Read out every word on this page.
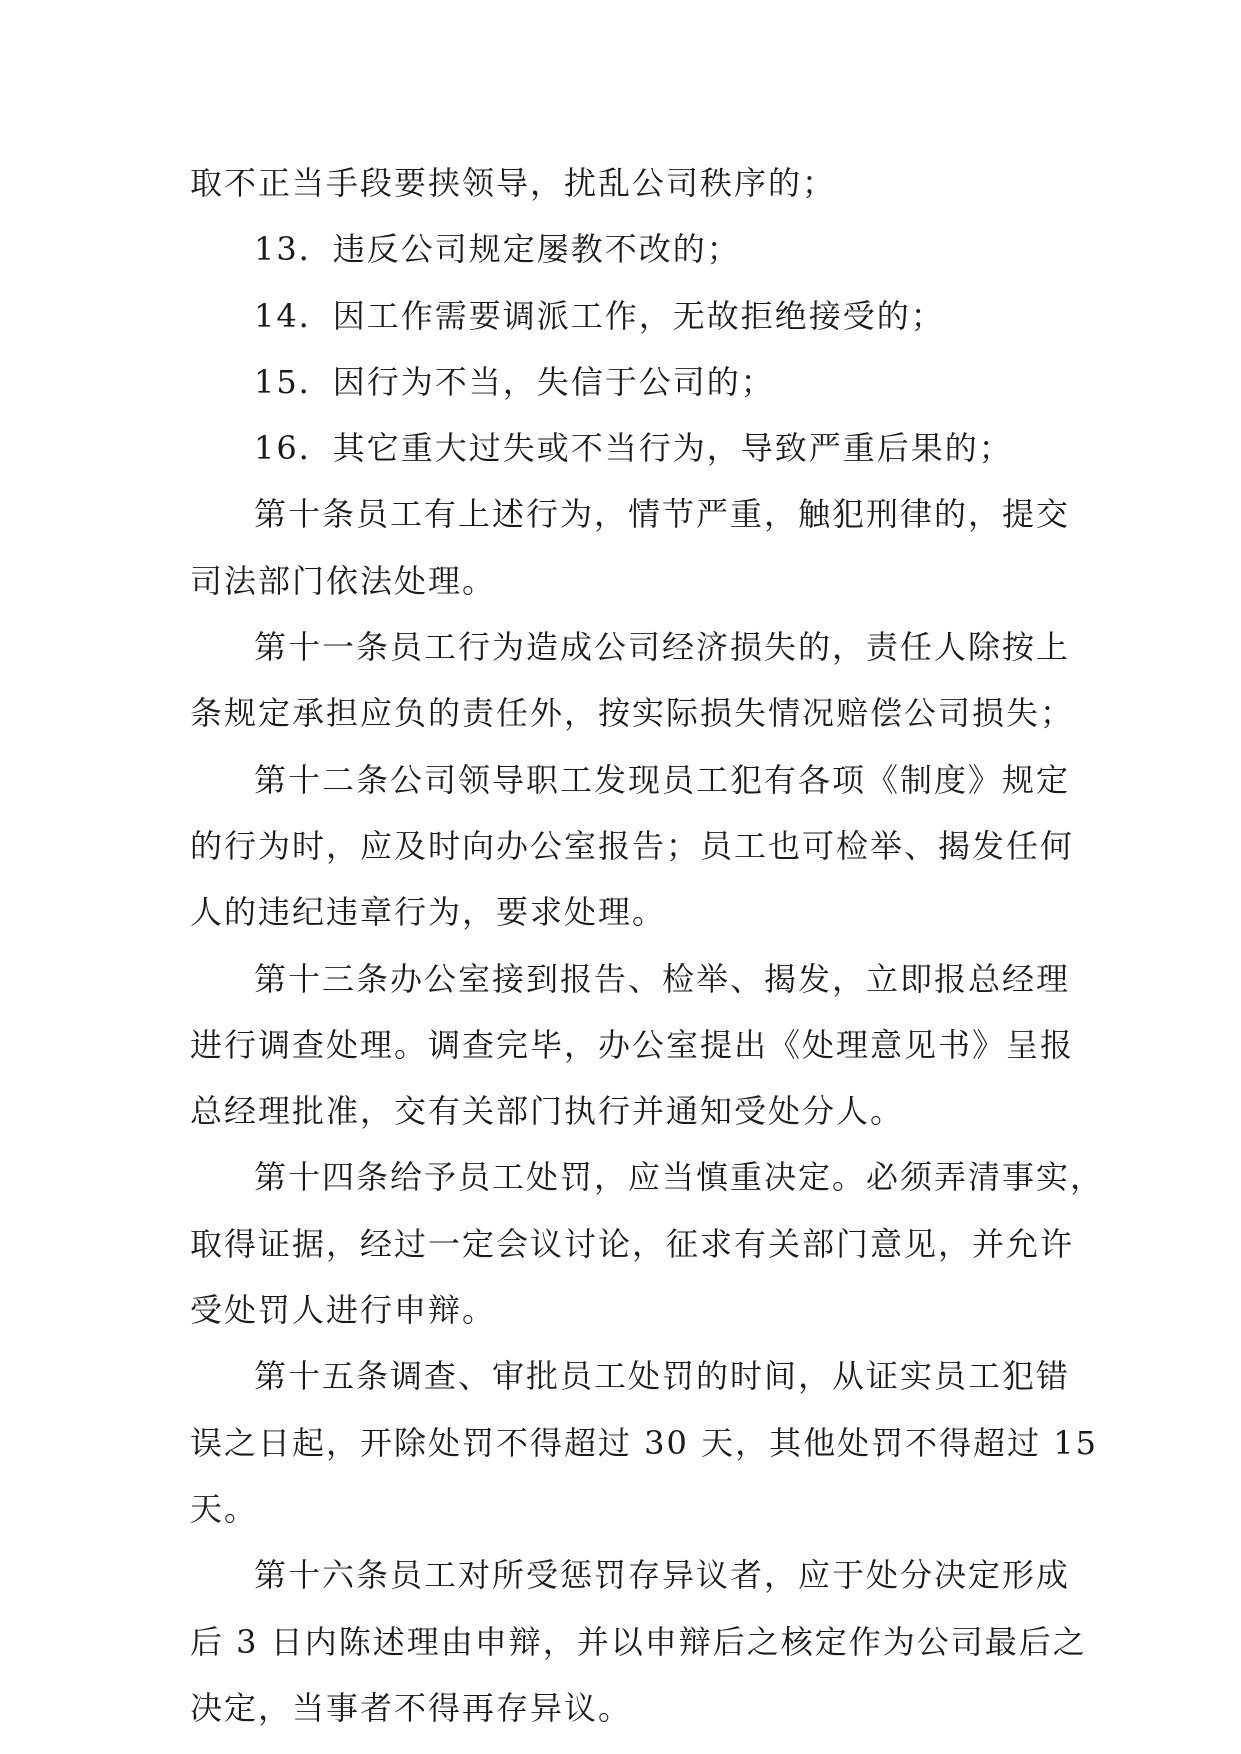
取不正当手段要挟领导，扰乱公司秩序的；
13．违反公司规定屡教不改的；
14．因工作需要调派工作，无故拒绝接受的；
15．因行为不当，失信于公司的；
16．其它重大过失或不当行为，导致严重后果的；
第十条员工有上述行为，情节严重，触犯刑律的，提交
司法部门依法处理。
第十一条员工行为造成公司经济损失的，责任人除按上
条规定承担应负的责任外，按实际损失情况赔偿公司损失；
第十二条公司领导职工发现员工犯有各项《制度》规定
的行为时，应及时向办公室报告；员工也可检举、揭发任何
人的违纪违章行为，要求处理。
第十三条办公室接到报告、检举、揭发，立即报总经理
进行调查处理。调查完毕，办公室提出《处理意见书》呈报
总经理批准，交有关部门执行并通知受处分人。
第十四条给予员工处罚，应当慎重决定。必须弄清事实，
取得证据，经过一定会议讨论，征求有关部门意见，并允许
受处罚人进行申辩。
第十五条调查、审批员工处罚的时间，从证实员工犯错
误之日起，开除处罚不得超过 30 天，其他处罚不得超过 15
天。
第十六条员工对所受惩罚存异议者，应于处分决定形成
后 3 日内陈述理由申辩，并以申辩后之核定作为公司最后之
决定，当事者不得再存异议。
